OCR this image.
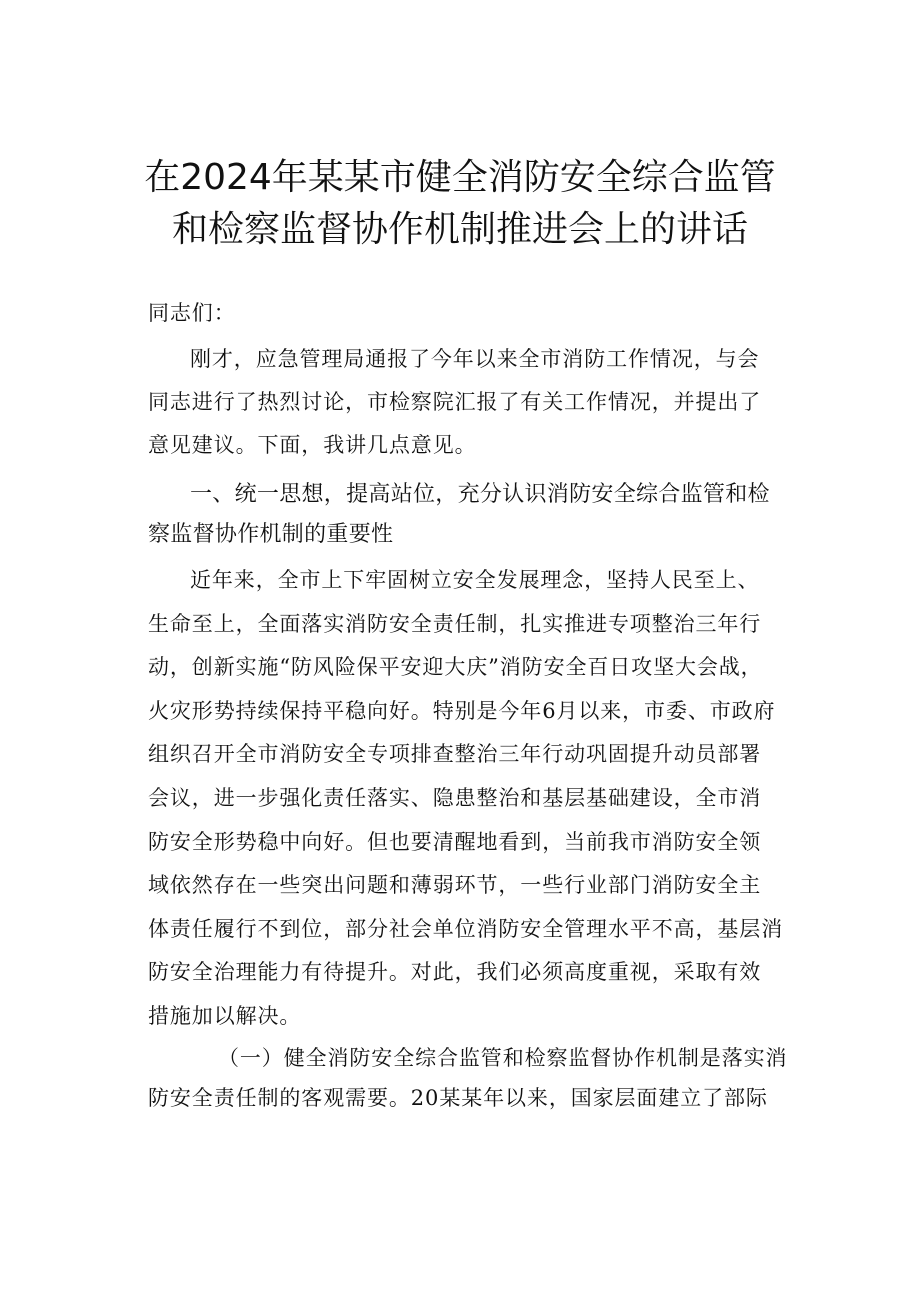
在2024年某某市健全消防安全综合监管
和检察监督协作机制推进会上的讲话

同志们：

刚才，应急管理局通报了今年以来全市消防工作情况，与会
同志进行了热烈讨论，市检察院汇报了有关工作情况，并提出了
意见建议。下面，我讲几点意见。

一、统一思想，提高站位，充分认识消防安全综合监管和检
察监督协作机制的重要性

近年来，全市上下牢固树立安全发展理念，坚持人民至上、
生命至上，全面落实消防安全责任制，扎实推进专项整治三年行
动，创新实施“防风险保平安迎大庆”消防安全百日攻坚大会战，
火灾形势持续保持平稳向好。特别是今年6月以来，市委、市政府
组织召开全市消防安全专项排查整治三年行动巩固提升动员部署
会议，进一步强化责任落实、隐患整治和基层基础建设，全市消
防安全形势稳中向好。但也要清醒地看到，当前我市消防安全领
域依然存在一些突出问题和薄弱环节，一些行业部门消防安全主
体责任履行不到位，部分社会单位消防安全管理水平不高，基层消
防安全治理能力有待提升。对此，我们必须高度重视，采取有效
措施加以解决。

（一）健全消防安全综合监管和检察监督协作机制是落实消
防安全责任制的客观需要。20某某年以来，国家层面建立了部际
